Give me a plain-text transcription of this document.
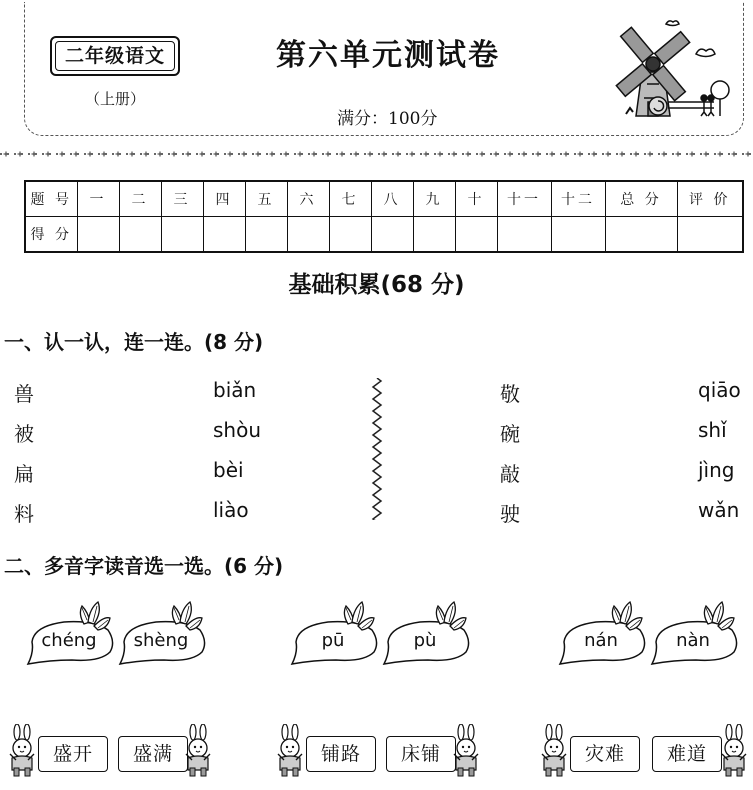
二年级语文
（上册）
第六单元测试卷
满分：100分
题 号	一	二	三	四	五	六	七	八	九	十	十一	十二	总 分	评 价
得 分														
基础积累(68 分)
一、认一认，连一连。(8 分)
兽
被
扁
料
biǎn
shòu
bèi
liào
敬
碗
敲
驶
qiāo
shǐ
jìng
wǎn
二、多音字读音选一选。(6 分)
chéng	shèng	pū	pù	nán	nàn
盛开	盛满	铺路	床铺	灾难	难道
